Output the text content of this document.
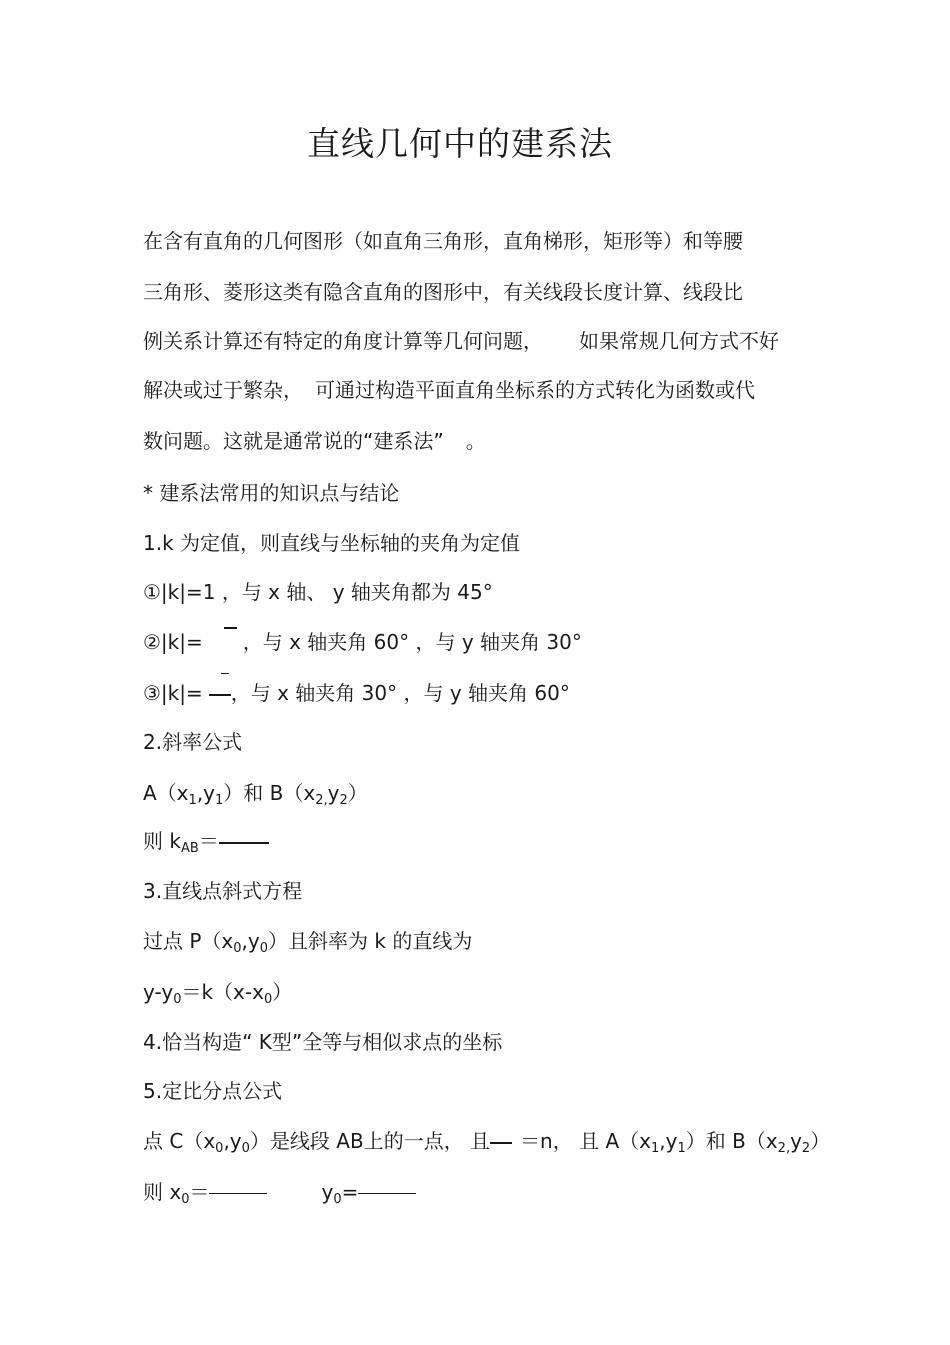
直线几何中的建系法
在含有直角的几何图形（如直角三角形，直角梯形，矩形等）和等腰
三角形、菱形这类有隐含直角的图形中，有关线段长度计算、线段比
例关系计算还有特定的角度计算等几何问题， 如果常规几何方式不好
解决或过于繁杂， 可通过构造平面直角坐标系的方式转化为函数或代
数问题。这就是通常说的“建系法” 。
* 建系法常用的知识点与结论
1.k 为定值，则直线与坐标轴的夹角为定值
①|k|=1 ，与 x 轴、 y 轴夹角都为 45°
②|k|= ，与 x 轴夹角 60° ，与 y 轴夹角 30°
③|k|= ，与 x 轴夹角 30° ，与 y 轴夹角 60°
2.斜率公式
$A(x_1,y_1)$和 $B(x_{2,}y_2)$
则 $k_{AB}=$
3.直线点斜式方程
过点 $P(x_0,y_0)$且斜率为 k 的直线为
$y-y_0=k(x-x_0)$
4.恰当构造“ K型”全等与相似求点的坐标
5.定比分点公式
点 $C(x_0,y_0)$是线段 AB上的一点， 且 ＝n， 且 $A(x_1,y_1)$和 $B(x_{2,}y_2)$
则 $x_0=$	$y_0=$
